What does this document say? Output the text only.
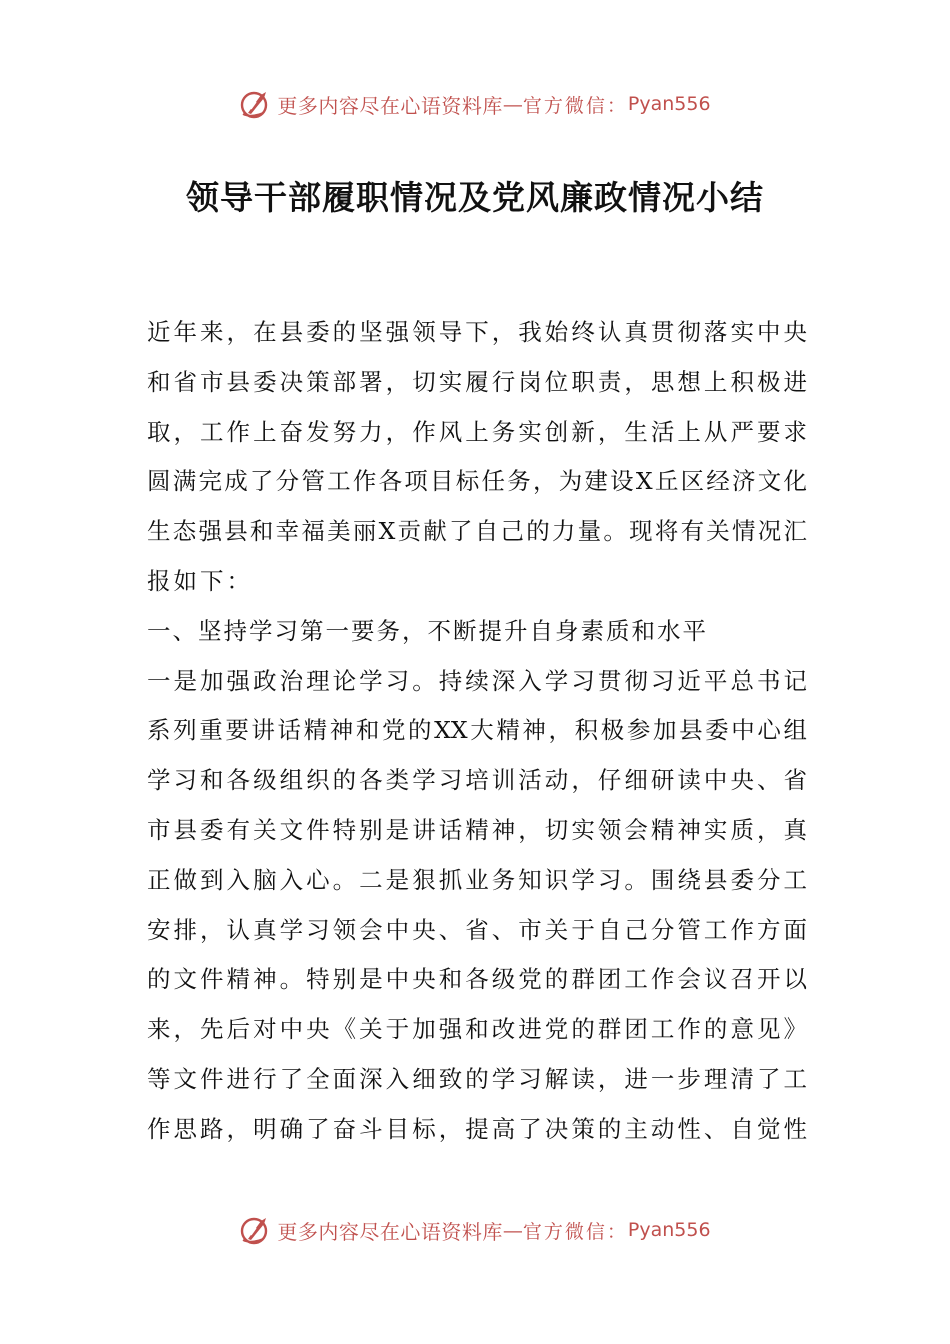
更多内容尽在心语资料库 — 官方微信： Pyan556
领导干部履职情况及党风廉政情况小结
近年来，在县委的坚强领导下，我始终认真贯彻落实中央
和省市县委决策部署，切实履行岗位职责，思想上积极进
取，工作上奋发努力，作风上务实创新，生活上从严要求
圆满完成了分管工作各项目标任务，为建设X丘区经济文化
生态强县和幸福美丽X贡献了自己的力量。现将有关情况汇
报如下：
一、坚持学习第一要务，不断提升自身素质和水平
一是加强政治理论学习。持续深入学习贯彻习近平总书记
系列重要讲话精神和党的XX大精神，积极参加县委中心组
学习和各级组织的各类学习培训活动，仔细研读中央、省
市县委有关文件特别是讲话精神，切实领会精神实质，真
正做到入脑入心。二是狠抓业务知识学习。围绕县委分工
安排，认真学习领会中央、省、市关于自己分管工作方面
的文件精神。特别是中央和各级党的群团工作会议召开以
来，先后对中央《关于加强和改进党的群团工作的意见》
等文件进行了全面深入细致的学习解读，进一步理清了工
作思路，明确了奋斗目标，提高了决策的主动性、自觉性
更多内容尽在心语资料库 — 官方微信： Pyan556
